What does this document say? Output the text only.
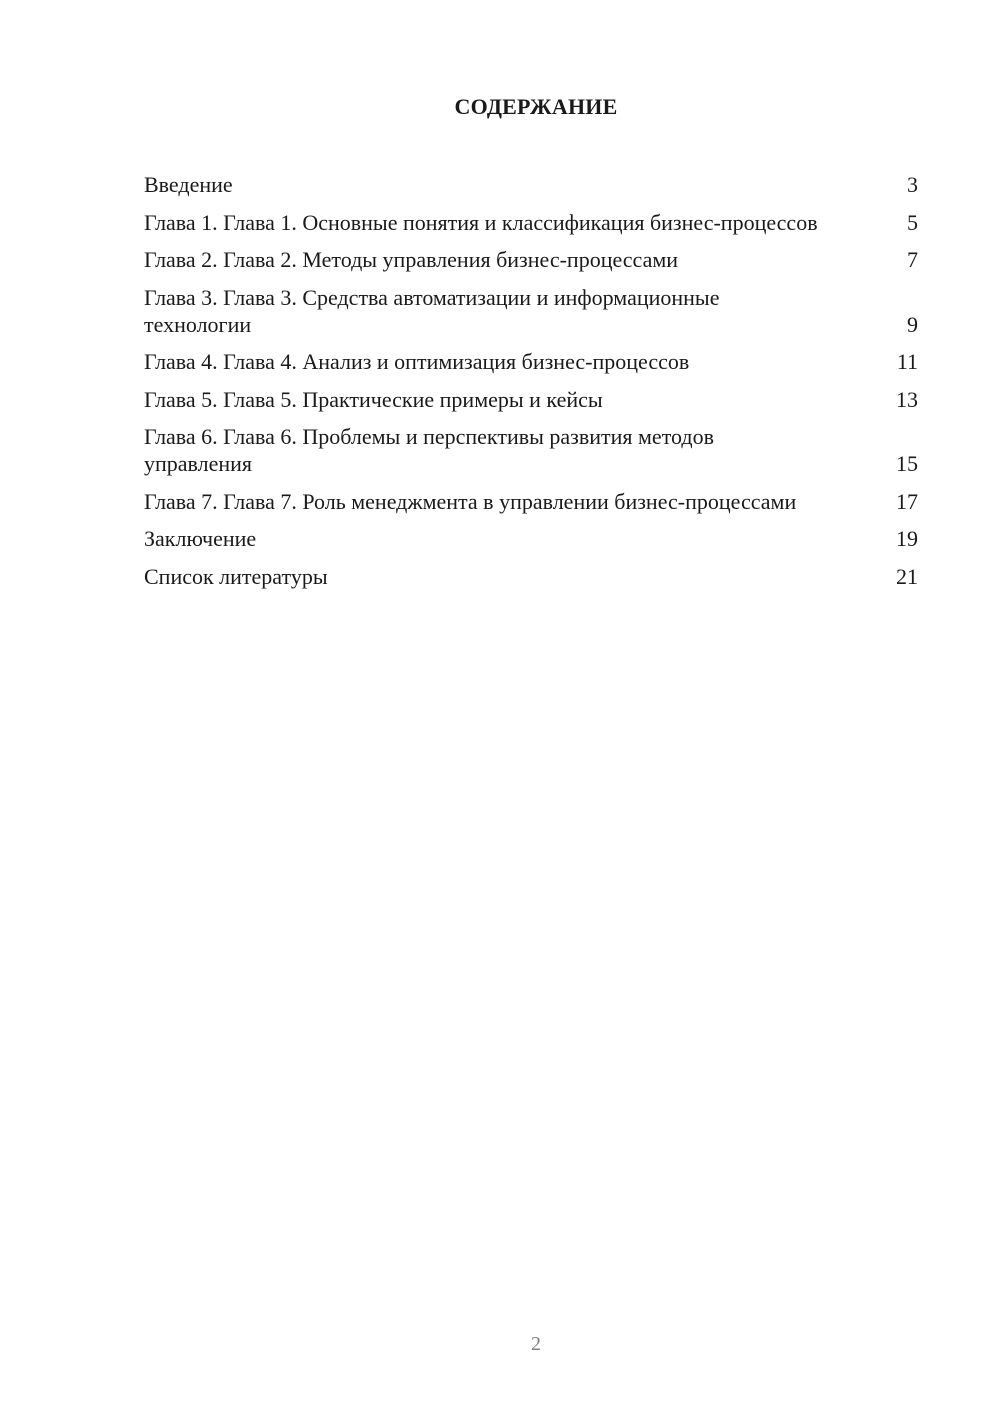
СОДЕРЖАНИЕ
Введение	3
Глава 1. Глава 1. Основные понятия и классификация бизнес-процессов	5
Глава 2. Глава 2. Методы управления бизнес-процессами	7
Глава 3. Глава 3. Средства автоматизации и информационные технологии	9
Глава 4. Глава 4. Анализ и оптимизация бизнес-процессов	11
Глава 5. Глава 5. Практические примеры и кейсы	13
Глава 6. Глава 6. Проблемы и перспективы развития методов управления	15
Глава 7. Глава 7. Роль менеджмента в управлении бизнес-процессами	17
Заключение	19
Список литературы	21
2
